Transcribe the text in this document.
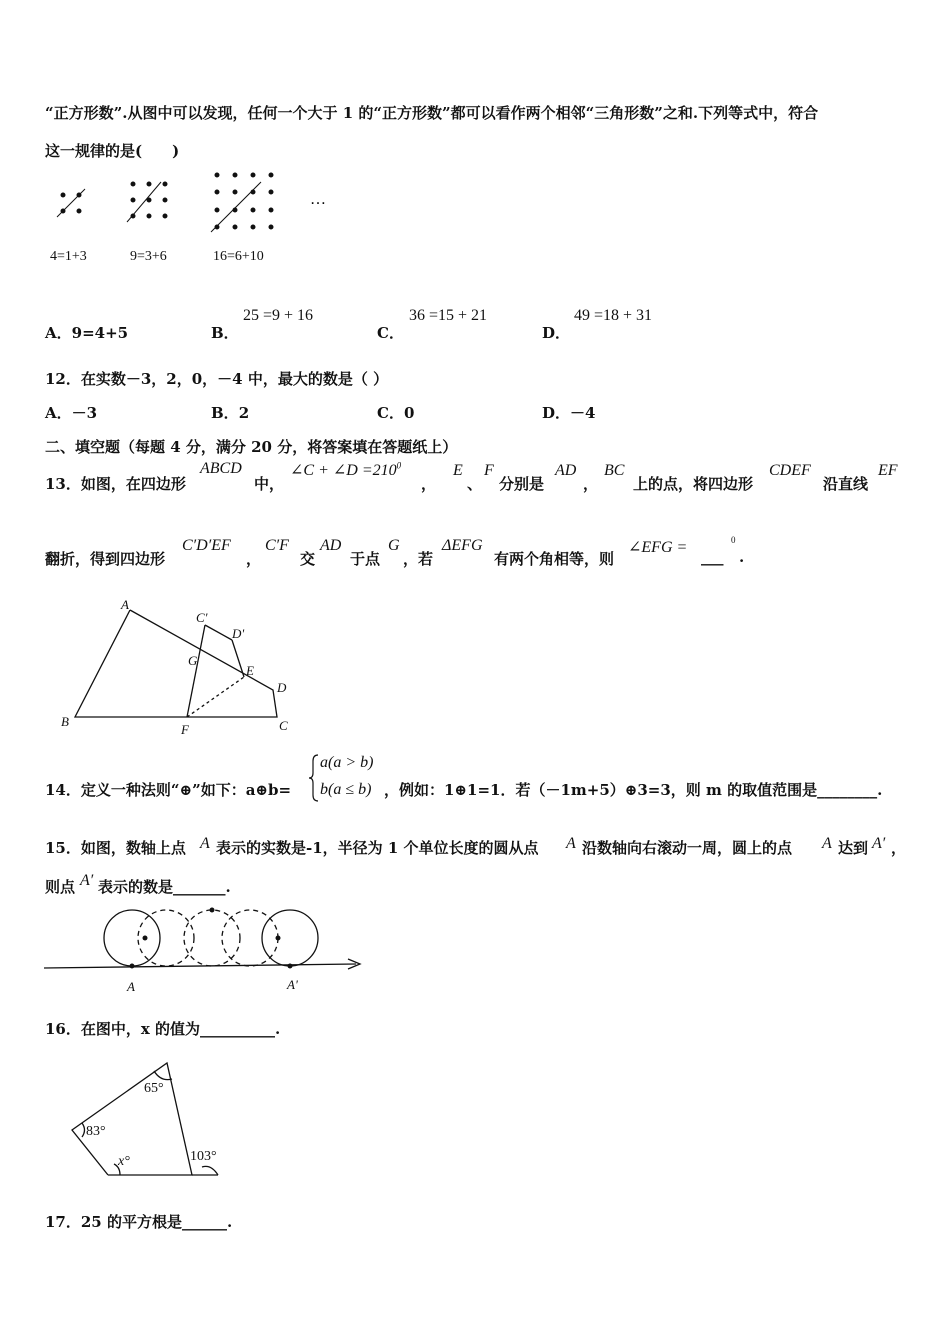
“正方形数”.从图中可以发现，任何一个大于 1 的“正方形数”都可以看作两个相邻“三角形数”之和.下列等式中，符合
这一规律的是(　　)
…
4=1+3	9=3+6	16=6+10
A．9=4+5	B．
25 =9 + 16
C．
36 =15 + 21
D．
49 =18 + 31
12．在实数－3，2，0，－4 中，最大的数是（ ）
A．－3	B．2	C．0	D．－4
二、填空题（每题 4 分，满分 20 分，将答案填在答题纸上）
13．如图，在四边形
ABCD
中，
∠C + ∠D $=210^0$
，
E
、
F
分别是
AD
，
BC
上的点，将四边形
CDEF
沿直线
EF
翻折，得到四边形
C′D′EF
，
C′F
交
AD
于点
G
，若
ΔEFG
有两个角相等，则
∠EFG =
___
0
.
A
B	C
D
E
F
G
C'
D'
14．定义一种法则“⊕”如下：a⊕b=
a(a > b)
b(a ≤ b) ，例如：1⊕1=1．若（－1m+5）⊕3=3，则 m 的取值范围是________.
15．如图，数轴上点 A 表示的实数是-1，半径为 1 个单位长度的圆从点 A 沿数轴向右滚动一周，圆上的点 A 达到 A′ ，
则点 A′ 表示的数是_______.
A	A'
16．在图中，x 的值为__________.
65°
83°
x°	103°
17．25 的平方根是______.
